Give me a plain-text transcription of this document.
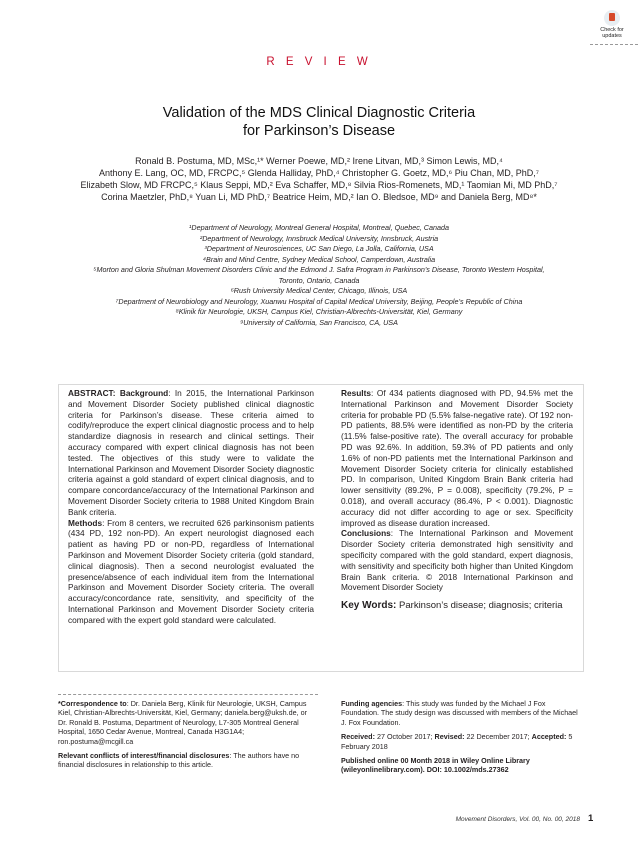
Check for updates
R E V I E W
Validation of the MDS Clinical Diagnostic Criteria
for Parkinson’s Disease
Ronald B. Postuma, MD, MSc,¹* Werner Poewe, MD,² Irene Litvan, MD,³ Simon Lewis, MD,⁴
Anthony E. Lang, OC, MD, FRCPC,⁵ Glenda Halliday, PhD,⁴ Christopher G. Goetz, MD,⁶ Piu Chan, MD, PhD,⁷
Elizabeth Slow, MD FRCPC,⁵ Klaus Seppi, MD,² Eva Schaffer, MD,⁸ Silvia Rios-Romenets, MD,¹ Taomian Mi, MD PhD,⁷
Corina Maetzler, PhD,⁸ Yuan Li, MD PhD,⁷ Beatrice Heim, MD,² Ian O. Bledsoe, MD⁹ and Daniela Berg, MD⁸*
¹Department of Neurology, Montreal General Hospital, Montreal, Quebec, Canada
²Department of Neurology, Innsbruck Medical University, Innsbruck, Austria
³Department of Neurosciences, UC San Diego, La Jolla, California, USA
⁴Brain and Mind Centre, Sydney Medical School, Camperdown, Australia
⁵Morton and Gloria Shulman Movement Disorders Clinic and the Edmond J. Safra Program in Parkinson’s Disease, Toronto Western Hospital,
Toronto, Ontario, Canada
⁶Rush University Medical Center, Chicago, Illinois, USA
⁷Department of Neurobiology and Neurology, Xuanwu Hospital of Capital Medical University, Beijing, People’s Republic of China
⁸Klinik für Neurologie, UKSH, Campus Kiel, Christian-Albrechts-Universität, Kiel, Germany
⁹University of California, San Francisco, CA, USA

ABSTRACT: Background: In 2015, the International Parkinson and Movement Disorder Society published clinical diagnostic criteria for Parkinson’s disease. These criteria aimed to codify/reproduce the expert clinical diagnostic process and to help standardize diagnosis in research and clinical settings. Their accuracy compared with expert clinical diagnosis has not been tested. The objectives of this study were to validate the International Parkinson and Movement Disorder Society diagnostic criteria against a gold standard of expert clinical diagnosis, and to compare concordance/accuracy of the International Parkinson and Movement Disorder Society criteria to 1988 United Kingdom Brain Bank criteria.

Methods: From 8 centers, we recruited 626 parkinsonism patients (434 PD, 192 non-PD). An expert neurologist diagnosed each patient as having PD or non-PD, regardless of International Parkinson and Movement Disorder Society criteria (gold standard, clinical diagnosis). Then a second neurologist evaluated the presence/absence of each individual item from the International Parkinson and Movement Disorder Society criteria. The overall accuracy/concordance rate, sensitivity, and specificity of the International Parkinson and Movement Disorder Society criteria compared with the expert gold standard were calculated.

Results: Of 434 patients diagnosed with PD, 94.5% met the International Parkinson and Movement Disorder Society criteria for probable PD (5.5% false-negative rate). Of 192 non-PD patients, 88.5% were identified as non-PD by the criteria (11.5% false-positive rate). The overall accuracy for probable PD was 92.6%. In addition, 59.3% of PD patients and only 1.6% of non-PD patients met the International Parkinson and Movement Disorder Society criteria for clinically established PD. In comparison, United Kingdom Brain Bank criteria had lower sensitivity (89.2%, P = 0.008), specificity (79.2%, P = 0.018), and overall accuracy (86.4%, P < 0.001). Diagnostic accuracy did not differ according to age or sex. Specificity improved as disease duration increased.

Conclusions: The International Parkinson and Movement Disorder Society criteria demonstrated high sensitivity and specificity compared with the gold standard, expert diagnosis, with sensitivity and specificity both higher than United Kingdom Brain Bank criteria. © 2018 International Parkinson and Movement Disorder Society

Key Words: Parkinson’s disease; diagnosis; criteria

*Correspondence to: Dr. Daniela Berg, Klinik für Neurologie, UKSH, Campus Kiel, Christian-Albrechts-Universität, Kiel, Germany; daniela.berg@uksh.de, or Dr. Ronald B. Postuma, Department of Neurology, L7-305 Montreal General Hospital, 1650 Cedar Avenue, Montreal, Canada H3G1A4; ron.postuma@mcgill.ca

Relevant conflicts of interest/financial disclosures: The authors have no financial disclosures in relationship to this article.

Funding agencies: This study was funded by the Michael J Fox Foundation. The study design was discussed with members of the Michael J. Fox Foundation.

Received: 27 October 2017; Revised: 22 December 2017; Accepted: 5 February 2018

Published online 00 Month 2018 in Wiley Online Library (wileyonlinelibrary.com). DOI: 10.1002/mds.27362

Movement Disorders, Vol. 00, No. 00, 2018 1
